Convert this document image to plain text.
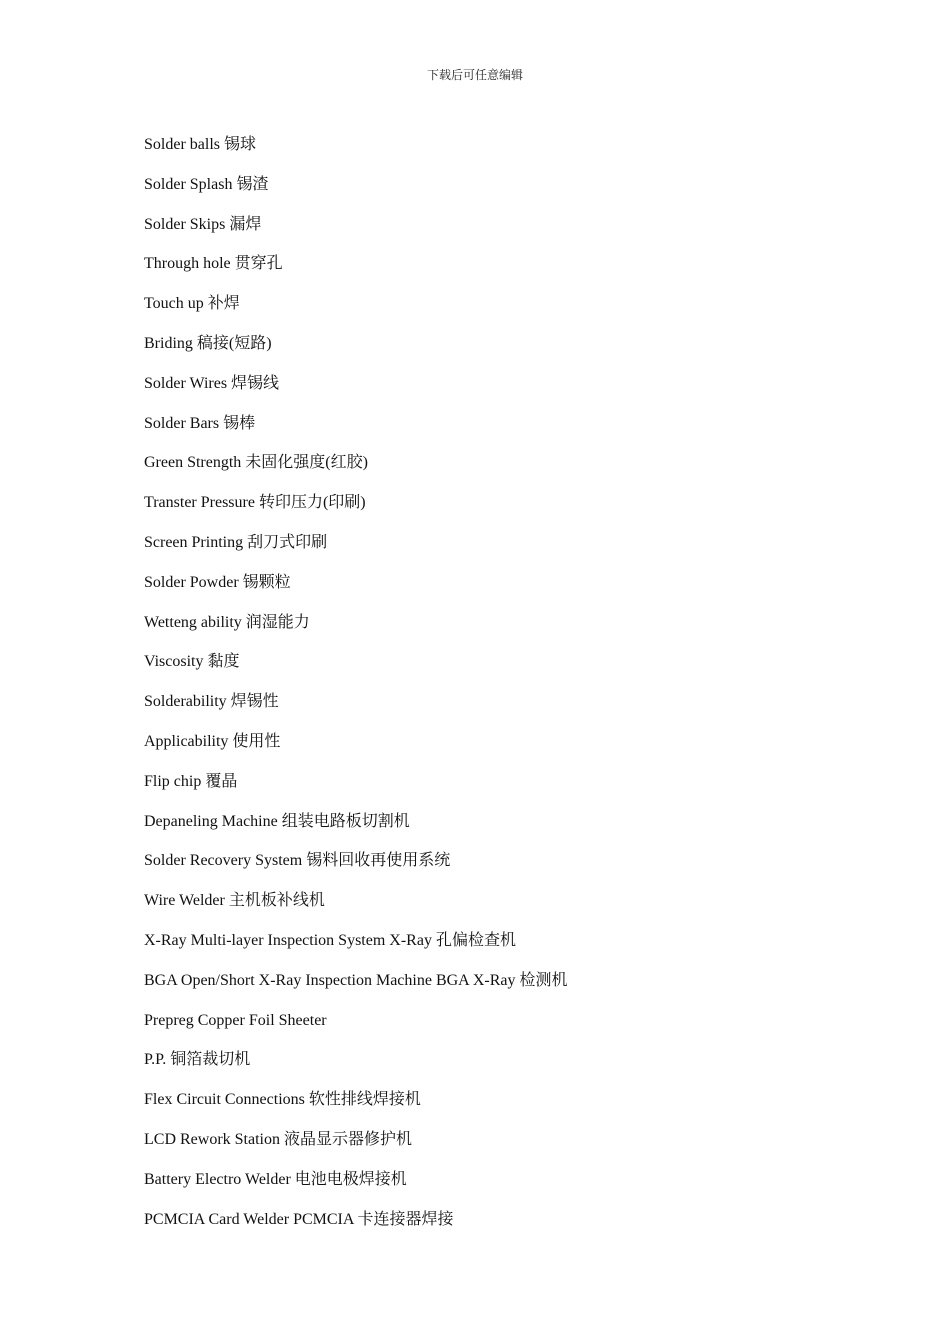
下载后可任意编辑
Solder balls 锡球
Solder Splash 锡渣
Solder Skips 漏焊
Through hole 贯穿孔
Touch up 补焊
Briding 稿接(短路)
Solder Wires 焊锡线
Solder Bars 锡棒
Green Strength 未固化强度(红胶)
Transter Pressure 转印压力(印刷)
Screen Printing 刮刀式印刷
Solder Powder 锡颗粒
Wetteng ability 润湿能力
Viscosity 黏度
Solderability 焊锡性
Applicability 使用性
Flip chip 覆晶
Depaneling Machine 组装电路板切割机
Solder Recovery System 锡料回收再使用系统
Wire Welder 主机板补线机
X-Ray Multi-layer Inspection System X-Ray 孔偏检查机
BGA Open/Short X-Ray Inspection Machine BGA X-Ray 检测机
Prepreg Copper Foil Sheeter
P.P. 铜箔裁切机
Flex Circuit Connections 软性排线焊接机
LCD Rework Station 液晶显示器修护机
Battery Electro Welder 电池电极焊接机
PCMCIA Card Welder PCMCIA 卡连接器焊接
